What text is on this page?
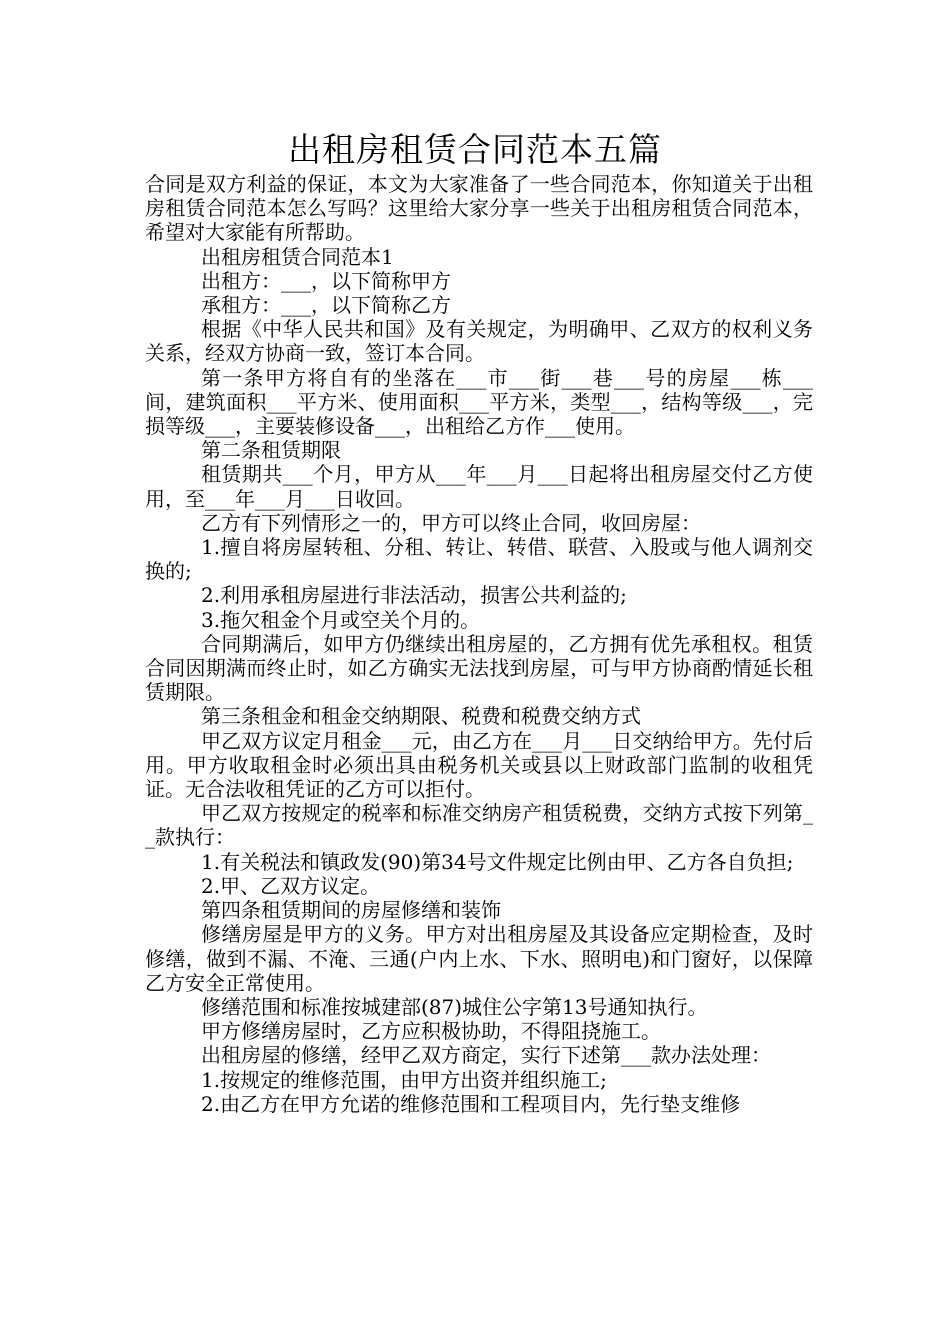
出租房租赁合同范本五篇

合同是双方利益的保证，本文为大家准备了一些合同范本，你知道关于出租房租赁合同范本怎么写吗？这里给大家分享一些关于出租房租赁合同范本，希望对大家能有所帮助。

出租房租赁合同范本1

出租方：___，以下简称甲方

承租方：___，以下简称乙方

根据《中华人民共和国》及有关规定，为明确甲、乙双方的权利义务关系，经双方协商一致，签订本合同。

第一条甲方将自有的坐落在___市___街___巷___号的房屋___栋___间，建筑面积___平方米、使用面积___平方米，类型___，结构等级___，完损等级___，主要装修设备___，出租给乙方作___使用。

第二条租赁期限

租赁期共___个月，甲方从___年___月___日起将出租房屋交付乙方使用，至___年___月___日收回。

乙方有下列情形之一的，甲方可以终止合同，收回房屋：

1.擅自将房屋转租、分租、转让、转借、联营、入股或与他人调剂交换的;

2.利用承租房屋进行非法活动，损害公共利益的;

3.拖欠租金个月或空关个月的。

合同期满后，如甲方仍继续出租房屋的，乙方拥有优先承租权。租赁合同因期满而终止时，如乙方确实无法找到房屋，可与甲方协商酌情延长租赁期限。

第三条租金和租金交纳期限、税费和税费交纳方式

甲乙双方议定月租金___元，由乙方在___月___日交纳给甲方。先付后用。甲方收取租金时必须出具由税务机关或县以上财政部门监制的收租凭证。无合法收租凭证的乙方可以拒付。

甲乙双方按规定的税率和标准交纳房产租赁税费，交纳方式按下列第__款执行：

1.有关税法和镇政发(90)第34号文件规定比例由甲、乙方各自负担;

2.甲、乙双方议定。

第四条租赁期间的房屋修缮和装饰

修缮房屋是甲方的义务。甲方对出租房屋及其设备应定期检查，及时修缮，做到不漏、不淹、三通(户内上水、下水、照明电)和门窗好，以保障乙方安全正常使用。

修缮范围和标准按城建部(87)城住公字第13号通知执行。

甲方修缮房屋时，乙方应积极协助，不得阻挠施工。

出租房屋的修缮，经甲乙双方商定，实行下述第___款办法处理：

1.按规定的维修范围，由甲方出资并组织施工;

2.由乙方在甲方允诺的维修范围和工程项目内，先行垫支维修
